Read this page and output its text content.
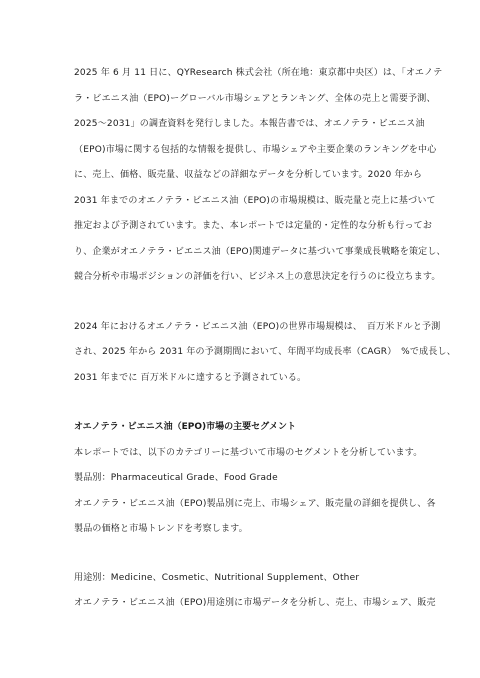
2025 年 6 月 11 日に、QYResearch 株式会社（所在地：東京都中央区）は、「オエノテ
ラ・ビエニス油（EPO)ーグローバル市場シェアとランキング、全体の売上と需要予測、
2025～2031」の調査資料を発行しました。本報告書では、オエノテラ・ビエニス油
（EPO)市場に関する包括的な情報を提供し、市場シェアや主要企業のランキングを中心
に、売上、価格、販売量、収益などの詳細なデータを分析しています。2020 年から
2031 年までのオエノテラ・ビエニス油（EPO)の市場規模は、販売量と売上に基づいて
推定および予測されています。また、本レポートでは定量的・定性的な分析も行ってお
り、企業がオエノテラ・ビエニス油（EPO)関連データに基づいて事業成長戦略を策定し、
競合分析や市場ポジションの評価を行い、ビジネス上の意思決定を行うのに役立ちます。

2024 年におけるオエノテラ・ビエニス油（EPO)の世界市場規模は、　百万米ドルと予測
され、2025 年から 2031 年の予測期間において、年間平均成長率（CAGR）　%で成長し、
2031 年までに 百万米ドルに達すると予測されている。

オエノテラ・ビエニス油（EPO)市場の主要セグメント

本レポートでは、以下のカテゴリーに基づいて市場のセグメントを分析しています。
製品別：Pharmaceutical Grade、Food Grade
オエノテラ・ビエニス油（EPO)製品別に売上、市場シェア、販売量の詳細を提供し、各
製品の価格と市場トレンドを考察します。

用途別：Medicine、Cosmetic、Nutritional Supplement、Other
オエノテラ・ビエニス油（EPO)用途別に市場データを分析し、売上、市場シェア、販売
